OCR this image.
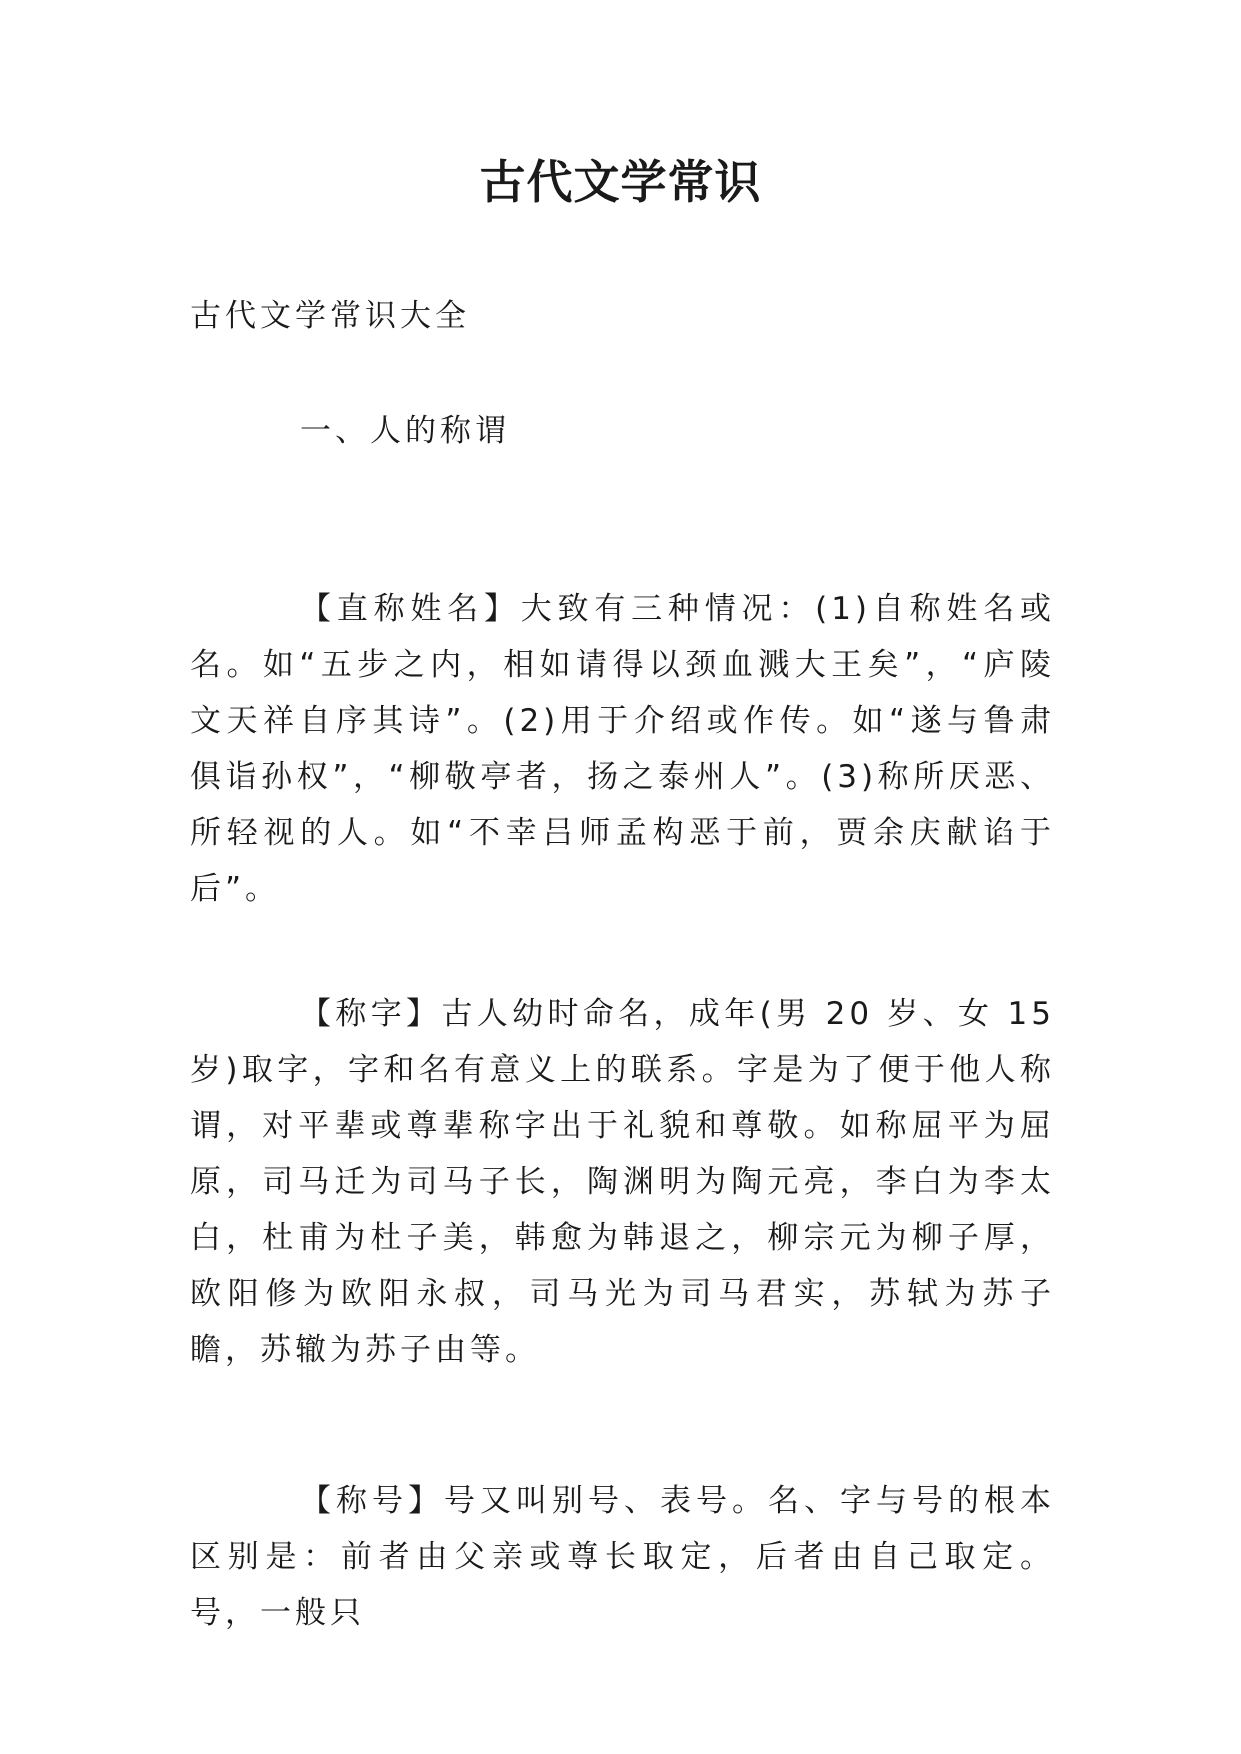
古代文学常识

古代文学常识大全

一、人的称谓

【直称姓名】大致有三种情况：(1)自称姓名或名。如“五步之内，相如请得以颈血溅大王矣”，“庐陵文天祥自序其诗”。(2)用于介绍或作传。如“遂与鲁肃俱诣孙权”，“柳敬亭者，扬之泰州人”。(3)称所厌恶、所轻视的人。如“不幸吕师孟构恶于前，贾余庆献谄于后”。

【称字】古人幼时命名，成年(男 20 岁、女 15 岁)取字，字和名有意义上的联系。字是为了便于他人称谓，对平辈或尊辈称字出于礼貌和尊敬。如称屈平为屈原，司马迁为司马子长，陶渊明为陶元亮，李白为李太白，杜甫为杜子美，韩愈为韩退之，柳宗元为柳子厚，欧阳修为欧阳永叔，司马光为司马君实，苏轼为苏子瞻，苏辙为苏子由等。

【称号】号又叫别号、表号。名、字与号的根本区别是：前者由父亲或尊长取定，后者由自己取定。号，一般只
